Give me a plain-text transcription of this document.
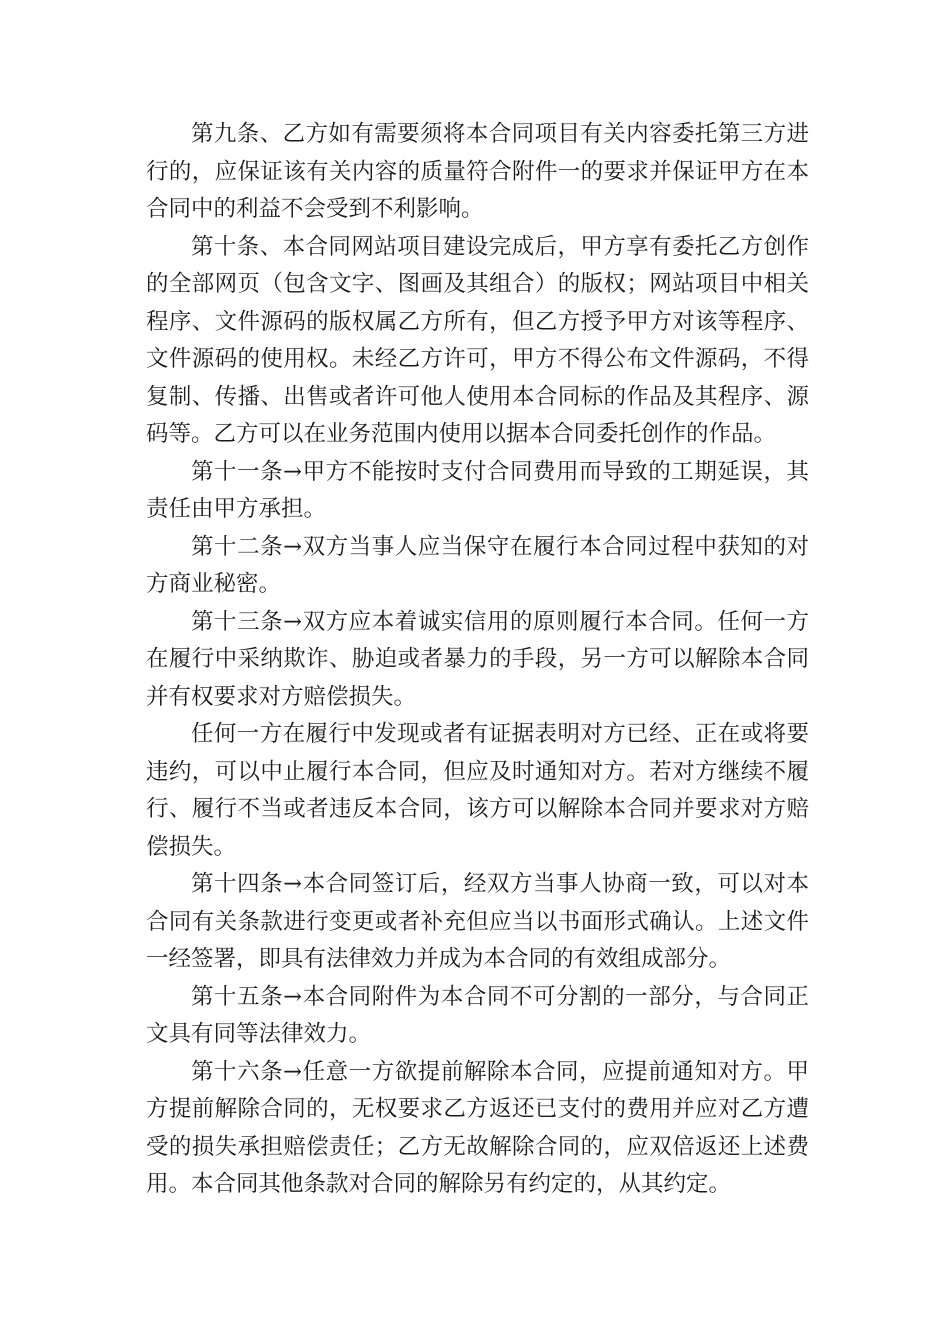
第九条、乙方如有需要须将本合同项目有关内容委托第三方进行的，应保证该有关内容的质量符合附件一的要求并保证甲方在本合同中的利益不会受到不利影响。

第十条、本合同网站项目建设完成后，甲方享有委托乙方创作的全部网页（包含文字、图画及其组合）的版权；网站项目中相关程序、文件源码的版权属乙方所有，但乙方授予甲方对该等程序、文件源码的使用权。未经乙方许可，甲方不得公布文件源码，不得复制、传播、出售或者许可他人使用本合同标的作品及其程序、源码等。乙方可以在业务范围内使用以据本合同委托创作的作品。

第十一条→甲方不能按时支付合同费用而导致的工期延误，其责任由甲方承担。

第十二条→双方当事人应当保守在履行本合同过程中获知的对方商业秘密。

第十三条→双方应本着诚实信用的原则履行本合同。任何一方在履行中采纳欺诈、胁迫或者暴力的手段，另一方可以解除本合同并有权要求对方赔偿损失。

任何一方在履行中发现或者有证据表明对方已经、正在或将要违约，可以中止履行本合同，但应及时通知对方。若对方继续不履行、履行不当或者违反本合同，该方可以解除本合同并要求对方赔偿损失。

第十四条→本合同签订后，经双方当事人协商一致，可以对本合同有关条款进行变更或者补充但应当以书面形式确认。上述文件一经签署，即具有法律效力并成为本合同的有效组成部分。

第十五条→本合同附件为本合同不可分割的一部分，与合同正文具有同等法律效力。

第十六条→任意一方欲提前解除本合同，应提前通知对方。甲方提前解除合同的，无权要求乙方返还已支付的费用并应对乙方遭受的损失承担赔偿责任；乙方无故解除合同的，应双倍返还上述费用。本合同其他条款对合同的解除另有约定的，从其约定。
